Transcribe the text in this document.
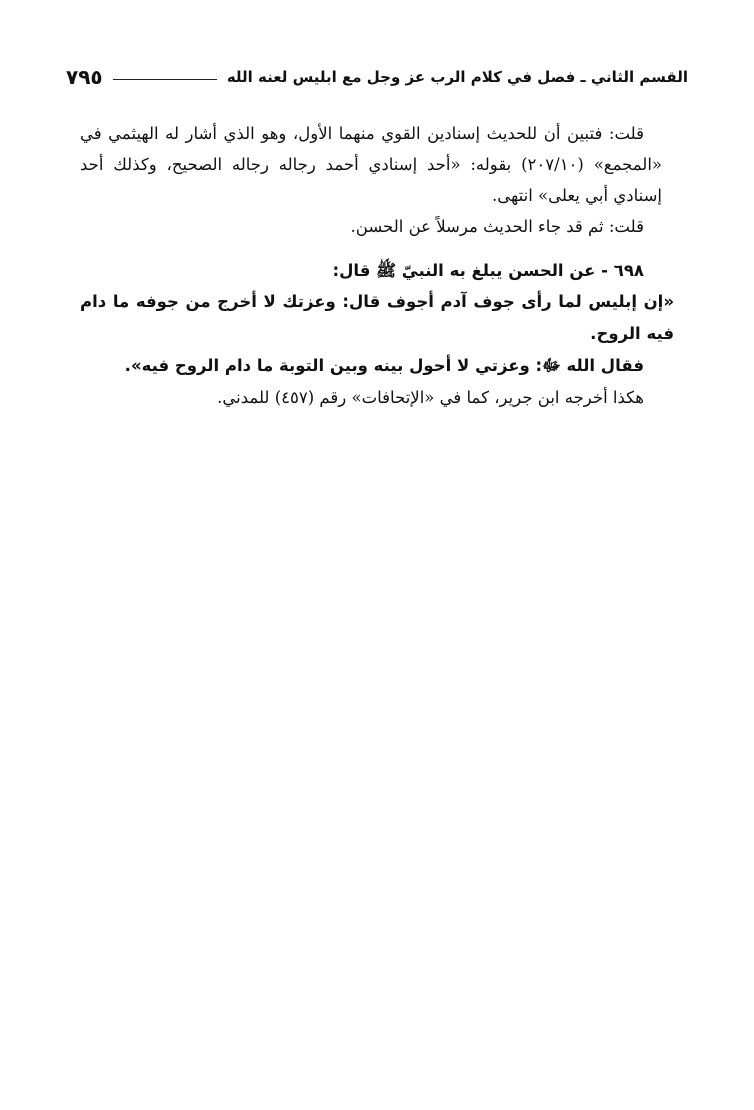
القسم الثاني ـ فصل في كلام الرب عز وجل مع ابليس لعنه الله
٧٩٥

قلت: فتبين أن للحديث إسنادين القوي منهما الأول، وهو الذي أشار له الهيثمي في «المجمع» (٢٠٧/١٠) بقوله: «أحد إسنادي أحمد رجاله رجاله الصحيح، وكذلك أحد إسنادي أبي يعلى» انتهى.

قلت: ثم قد جاء الحديث مرسلاً عن الحسن.

٦٩٨ - عن الحسن يبلغ به النبيّ ﷺ قال:

«إن إبليس لما رأى جوف آدم أجوف قال: وعزتك لا أخرج من جوفه ما دام فيه الروح.

فقال الله ﷻ: وعزتي لا أحول بينه وبين التوبة ما دام الروح فيه».

هكذا أخرجه ابن جرير، كما في «الإتحافات» رقم (٤٥٧) للمدني.
